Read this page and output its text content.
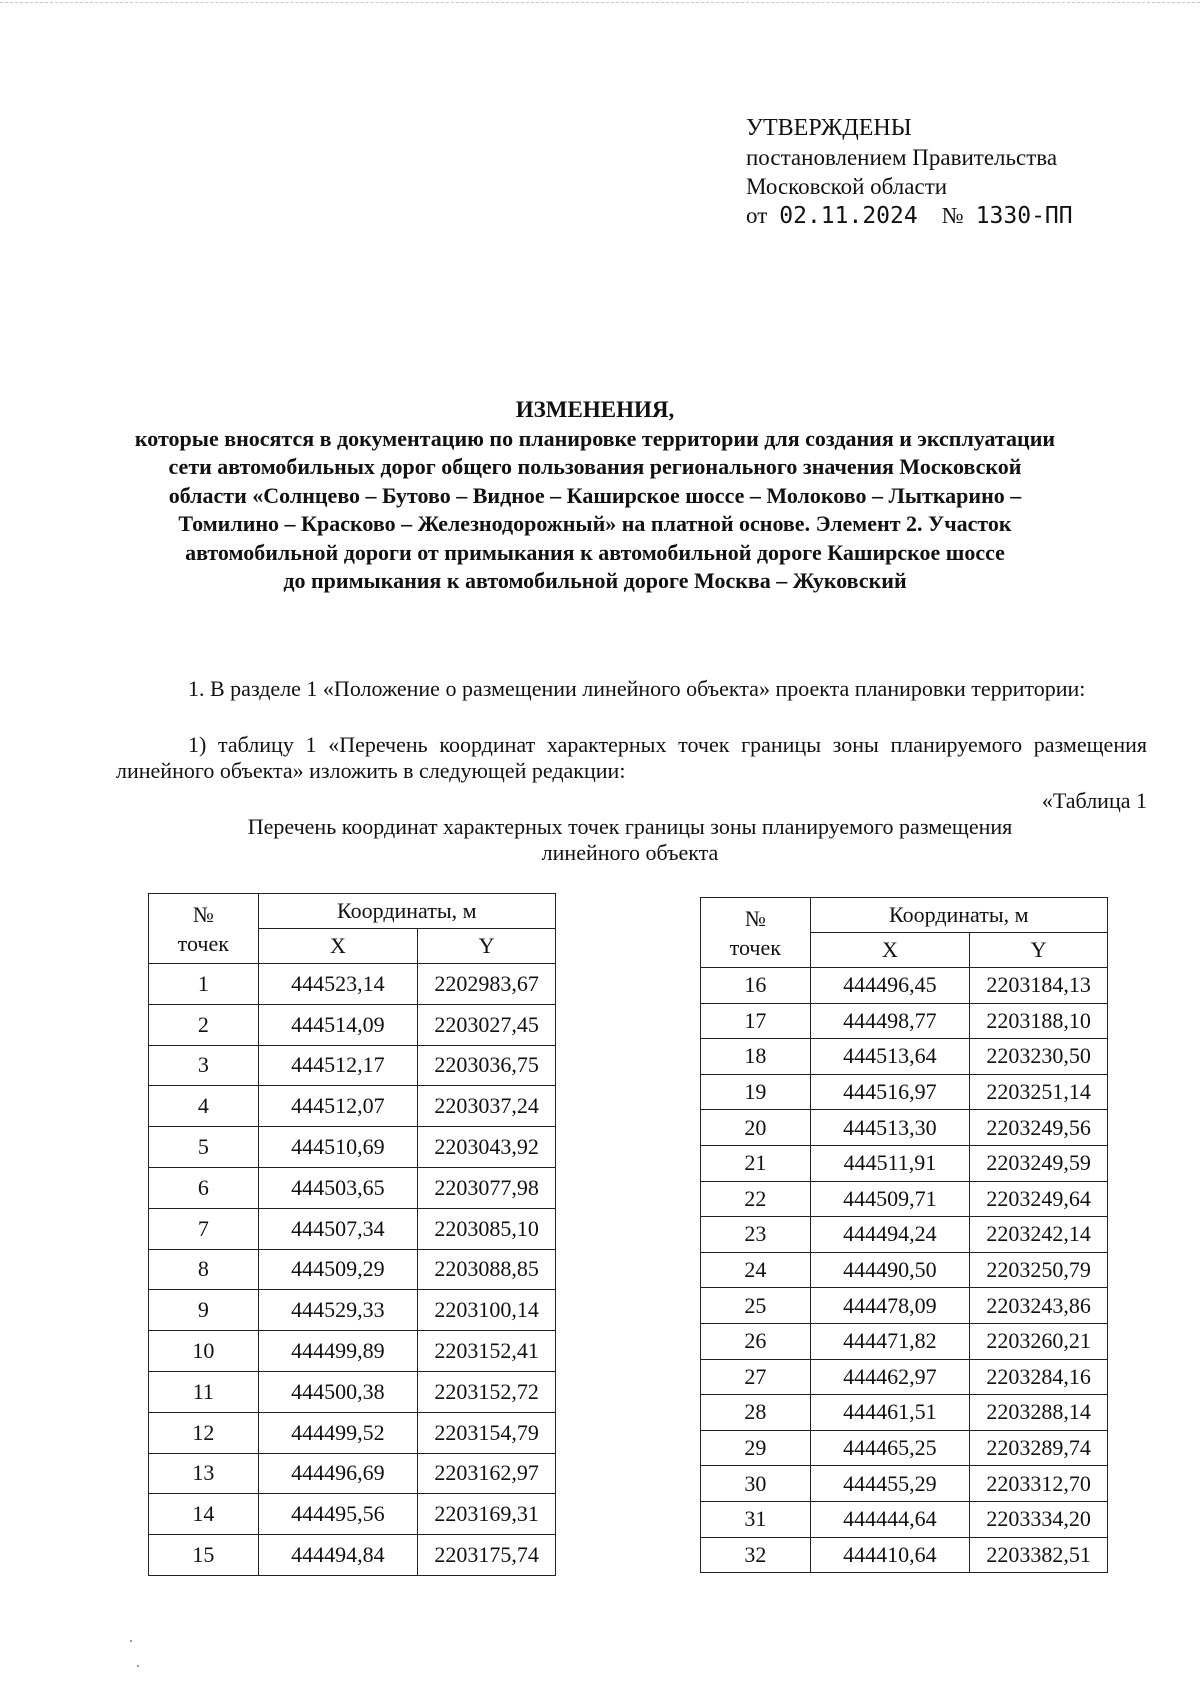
УТВЕРЖДЕНЫ
постановлением Правительства
Московской области
от 02.11.2024 № 1330-ПП
ИЗМЕНЕНИЯ,
которые вносятся в документацию по планировке территории для создания и эксплуатации
сети автомобильных дорог общего пользования регионального значения Московской
области «Солнцево – Бутово – Видное – Каширское шоссе – Молоково – Лыткарино –
Томилино – Красково – Железнодорожный» на платной основе. Элемент 2. Участок
автомобильной дороги от примыкания к автомобильной дороге Каширское шоссе
до примыкания к автомобильной дороге Москва – Жуковский
1. В разделе 1 «Положение о размещении линейного объекта» проекта планировки территории:
1) таблицу 1 «Перечень координат характерных точек границы зоны планируемого размещения линейного объекта» изложить в следующей редакции:
«Таблица 1
Перечень координат характерных точек границы зоны планируемого размещения
линейного объекта
№
точек	Координаты, м	
	X	Y
1	444523,14	2202983,67
2	444514,09	2203027,45
3	444512,17	2203036,75
4	444512,07	2203037,24
5	444510,69	2203043,92
6	444503,65	2203077,98
7	444507,34	2203085,10
8	444509,29	2203088,85
9	444529,33	2203100,14
10	444499,89	2203152,41
11	444500,38	2203152,72
12	444499,52	2203154,79
13	444496,69	2203162,97
14	444495,56	2203169,31
15	444494,84	2203175,74
№
точек	Координаты, м	
	X	Y
16	444496,45	2203184,13
17	444498,77	2203188,10
18	444513,64	2203230,50
19	444516,97	2203251,14
20	444513,30	2203249,56
21	444511,91	2203249,59
22	444509,71	2203249,64
23	444494,24	2203242,14
24	444490,50	2203250,79
25	444478,09	2203243,86
26	444471,82	2203260,21
27	444462,97	2203284,16
28	444461,51	2203288,14
29	444465,25	2203289,74
30	444455,29	2203312,70
31	444444,64	2203334,20
32	444410,64	2203382,51
